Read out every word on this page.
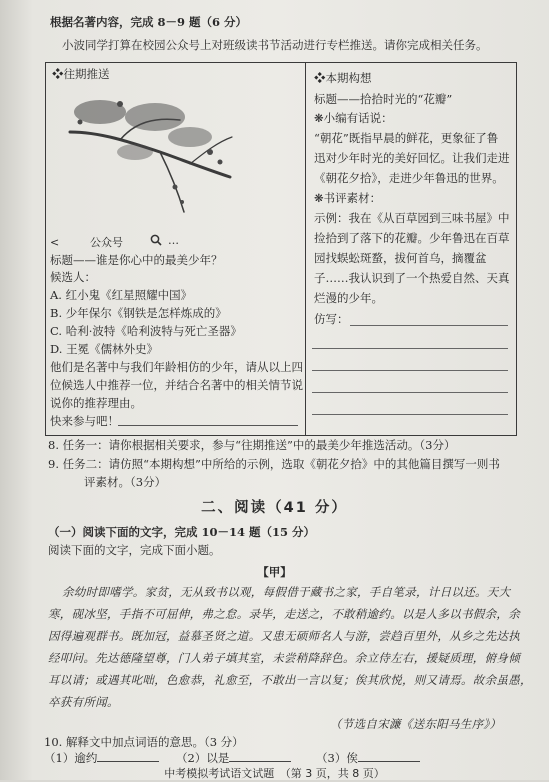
根据名著内容，完成 8－9 题（6 分）
小波同学打算在校园公众号上对班级读书节活动进行专栏推送。请你完成相关任务。
❖往期推送
<	公众号	…
标题——谁是你心中的最美少年？
候选人：
A. 红小鬼《红星照耀中国》
B. 少年保尔《钢铁是怎样炼成的》
C. 哈利·波特《哈利波特与死亡圣器》
D. 王冕《儒林外史》
他们是名著中与我们年龄相仿的少年，请从以上四
位候选人中推荐一位，并结合名著中的相关情节说
说你的推荐理由。
快来参与吧！
❖本期构想
标题——拾拾时光的“花瓣”
❋小编有话说：
“朝花”既指早晨的鲜花，更象征了鲁
迅对少年时光的美好回忆。让我们走进
《朝花夕拾》，走进少年鲁迅的世界。
❋书评素材：
示例：我在《从百草园到三味书屋》中
捡拾到了落下的花瓣。少年鲁迅在百草
园找蜈蚣斑蝥，拔何首乌，摘覆盆
子……我认识到了一个热爱自然、天真
烂漫的少年。
仿写：
8. 任务一：请你根据相关要求，参与“往期推送”中的最美少年推选活动。（3分）
9. 任务二：请仿照“本期构想”中所给的示例，选取《朝花夕拾》中的其他篇目撰写一则书
评素材。（3分）
二、阅读（41 分）
（一）阅读下面的文字，完成 10－14 题（15 分）
阅读下面的文字，完成下面小题。
【甲】
余幼时即嗜学。家贫，无从致书以观，每假借于藏书之家，手自笔录，计日以还。天大
寒，砚冰坚，手指不可屈伸，弗之怠。录毕，走送之，不敢稍逾约。以是人多以书假余，余
因得遍观群书。既加冠，益慕圣贤之道。又患无硕师名人与游，尝趋百里外，从乡之先达执
经叩问。先达德隆望尊，门人弟子填其室，未尝稍降辞色。余立侍左右，援疑质理，俯身倾
耳以请；或遇其叱咄，色愈恭，礼愈至，不敢出一言以复；俟其欣悦，则又请焉。故余虽愚，
卒获有所闻。
（节选自宋濂《送东阳马生序》）
10. 解释文中加点词语的意思。（3 分）
（1）逾约	（2）以是	（3）俟
中考模拟考试语文试题　（第 3 页，共 8 页）
